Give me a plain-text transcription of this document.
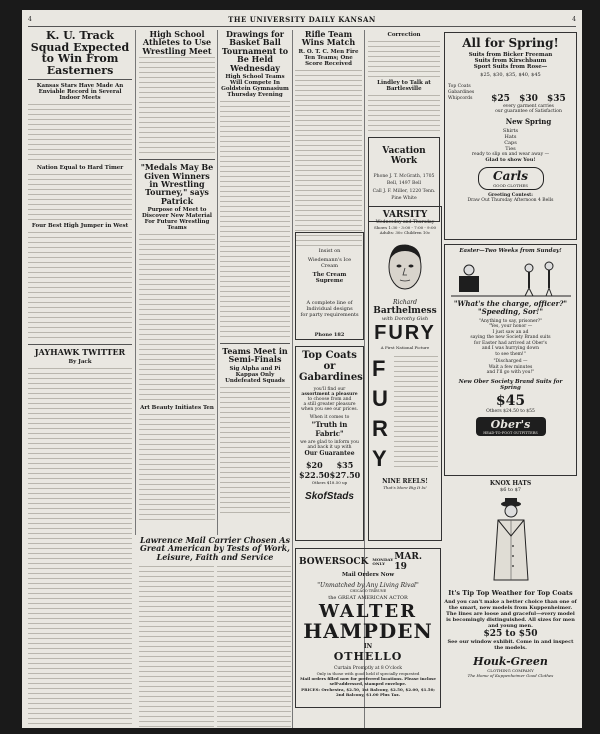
4	THE UNIVERSITY DAILY KANSAN	4
K. U. Track Squad Expected to Win From Easterners
Kansas Stars Have Made An Enviable Record in Several Indoor Meets
Nation Equal to Hard Timer
Four Best High Jumper in West
JAYHAWK TWITTER
By Jack
High School Athletes to Use Wrestling Meet
"Medals May Be Given Winners in Wrestling Tourney," says Patrick
Purpose of Meet to Discover New Material For Future Wrestling Teams
Art Beauty Initiates Ten
Drawings for Basket Ball Tournament to Be Held Wednesday
High School Teams Will Compete In Goldstein Gymnasium Thursday Evening
Teams Meet in Semi-Finals
Sig Alpha and Pi Kappas Only Undefeated Squads
Rifle Team Wins Match
R. O. T. C. Men Fire Ten Teams; One Score Received
Correction
Lindley to Talk at Bartlesville
Vacation Work
Phone J. T. McGrath, 1705
Bell, 1497 Bell
Call J. F. Miller, 1220 Tenn.
Pine White
Insist on
Wiedemann's Ice Cream
The Cream Supreme
A complete line of
Individual designs
for party requirements
Phone 182
VARSITY
Wednesday and Thursday
Shows 1:30 - 3:00 - 7:00 - 9:00
Adults: 30c Children 10c
Richard
Barthelmess
with Dorothy Gish
FURY
A First National Picture
F
U
R
Y
NINE REELS!
That's More Big It Is!
Top Coats or Gabardines
you'll find our
assortment a pleasure
to choose from and
a still greater pleasure
when you see our prices.
When it comes to
"Truth in Fabric"
we are glad to inform you
and back it up with
Our Guarantee
$20	$35
$22.50 $27.50
Others $18.50 up
SkofStads
All for Spring!
Suits from Bicker Freeman
Suits from Kirschbaum
Sport Suits from Rose—
$25, $30, $35, $40, $45
Top Coats
Gabardines
Whipcords	$25 $30 $35
every garment carries
our guarantee of Satisfaction
New Spring
Shirts
Hats
Caps
Ties
ready to slip on and wear away —
Glad to show You!
Carls
GOOD CLOTHES
Greeting Contest:
Draw Out Thursday Afternoon 4 Bells
Easter—Two Weeks from Sunday!
"What's the charge, officer?"
"Speeding, Sor!"
"Anything to say, prisoner?"
"Yes, your honor —
I just saw an ad
saying the new Society Brand suits
for Easter had arrived at Ober's
and I was hurrying down
to see them!"
"Discharged —
Wait a few minutes
and I'll go with you!"
New Ober Society Brand Suits for Spring
$45
Others $24.50 to $55
Ober's
HEAD-TO-FOOT OUTFITTERS
KNOX HATS
$6 to $7
It's Tip Top Weather for Top Coats
And you can't make a better choice than one of the smart, new models from Kuppenheimer. The lines are loose and graceful—every model is becomingly distinguished. All sizes for men and young men.
$25 to $50
See our window exhibit. Come in and inspect the models.
Houk-Green
CLOTHING COMPANY
The Home of Kuppenheimer Good Clothes
Lawrence Mail Carrier Chosen As Great American by Tests of Work, Leisure, Faith and Service
BOWERSOCK MONDAY ONLY
MAR. 19
Mail Orders Now
"Unmatched by Any Living Rival"
CHICAGO TRIBUNE
the GREAT AMERICAN ACTOR
WALTER
HAMPDEN
IN
OTHELLO
Curtain Promptly at 8 O'clock
Only in those with good held if specially requested
Mail orders filled now for preferred locations. Please inclose self-addressed, stamped envelope.
PRICES: Orchestra, $2.50, 1st Balcony, $2.50, $2.00, $1.50; 2nd Balcony, $1.00 Plus Tax.
